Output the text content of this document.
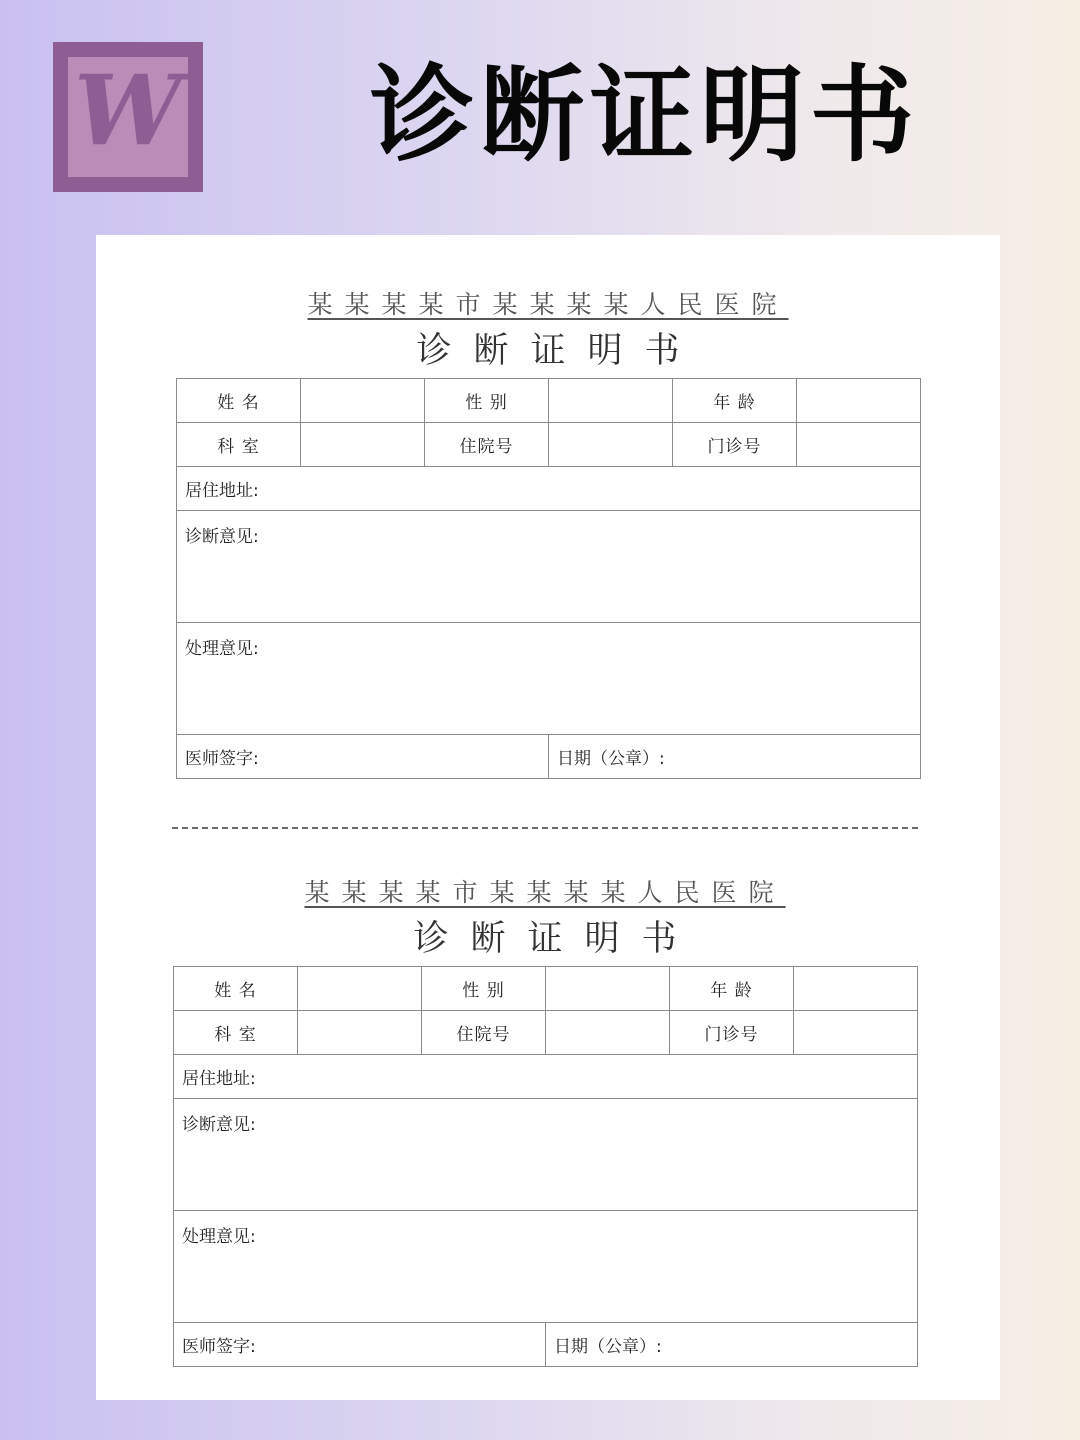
W	诊断证明书
某某某某市某某某某人民医院
诊断证明书
姓 名		性 别		年 龄	
科 室		住院号		门诊号	
居住地址:					
诊断意见:					
处理意见:					
医师签字:			日期（公章）:		
某某某某市某某某某人民医院
诊断证明书
姓 名		性 别		年 龄	
科 室		住院号		门诊号	
居住地址:					
诊断意见:					
处理意见:					
医师签字:			日期（公章）:		
